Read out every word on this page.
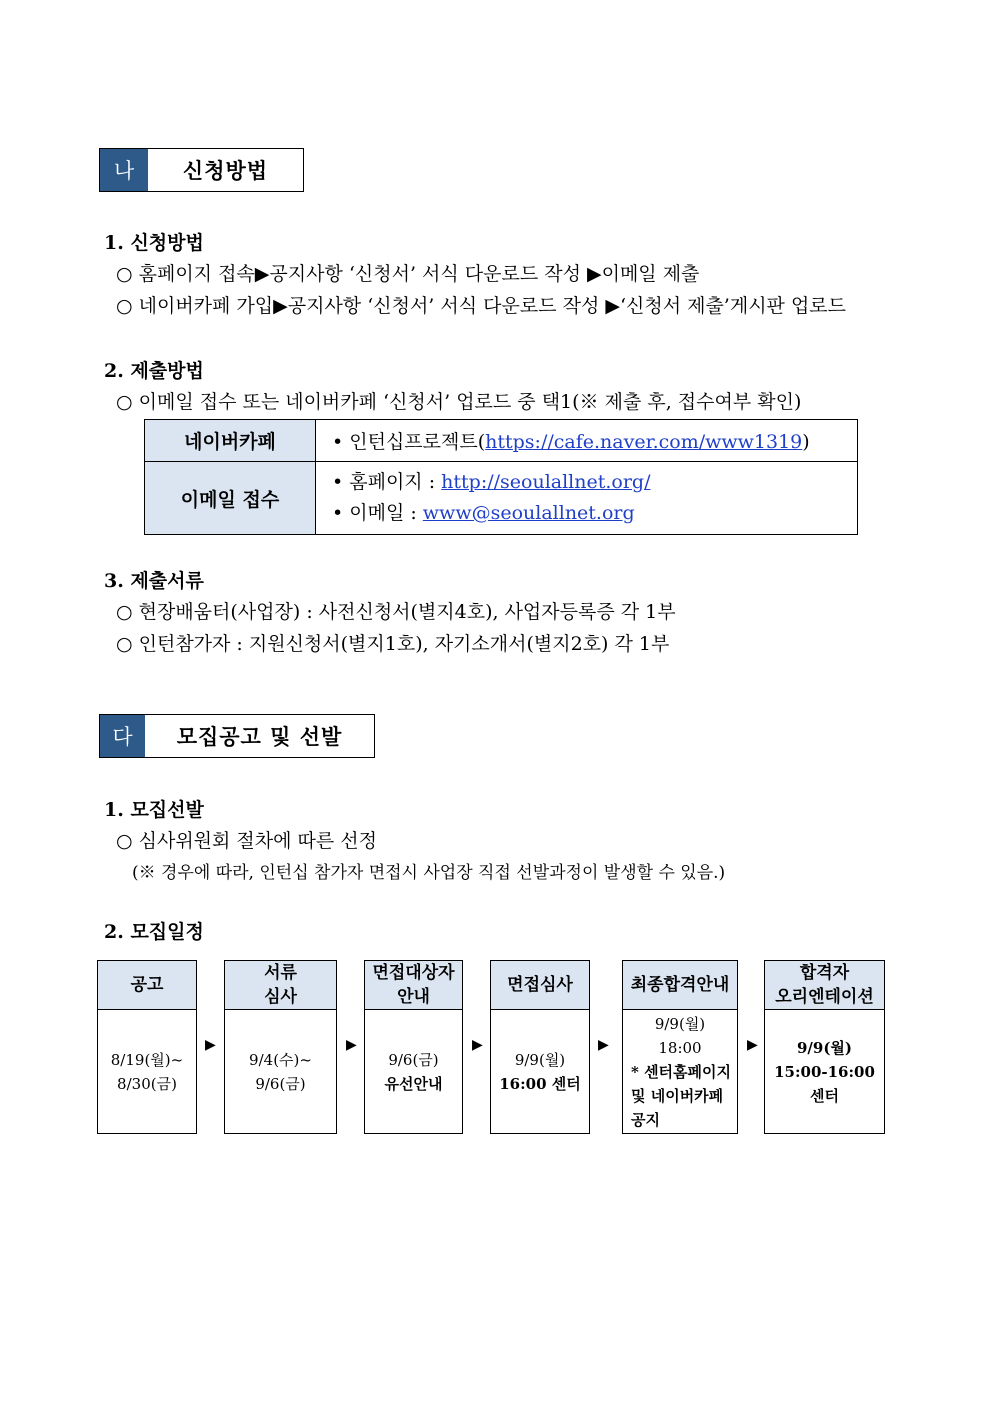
나	신청방법
1. 신청방법
○ 홈페이지 접속▶공지사항 ‘신청서’ 서식 다운로드 작성 ▶이메일 제출
○ 네이버카페 가입▶공지사항 ‘신청서’ 서식 다운로드 작성 ▶‘신청서 제출’게시판 업로드
2. 제출방법
○ 이메일 접수 또는 네이버카페 ‘신청서’ 업로드 중 택1(※ 제출 후, 접수여부 확인)
네이버카페	• 인턴십프로젝트(https://cafe.naver.com/www1319)
이메일 접수	• 홈페이지 : http://seoulallnet.org/
• 이메일 : www@seoulallnet.org
3. 제출서류
○ 현장배움터(사업장) : 사전신청서(별지4호), 사업자등록증 각 1부
○ 인턴참가자 : 지원신청서(별지1호), 자기소개서(별지2호) 각 1부
다	모집공고 및 선발
1. 모집선발
○ 심사위원회 절차에 따른 선정
(※ 경우에 따라, 인턴십 참가자 면접시 사업장 직접 선발과정이 발생할 수 있음.)
2. 모집일정
공고
8/19(월)~
8/30(금)
▶
서류
심사
9/4(수)~
9/6(금)
▶
면접대상자
안내
9/6(금)
유선안내
▶
면접심사
9/9(월)
16:00 센터
▶
최종합격안내
9/9(월)
18:00
* 센터홈페이지
및 네이버카페
공지
▶
합격자
오리엔테이션
9/9(월)
15:00-16:00
센터
